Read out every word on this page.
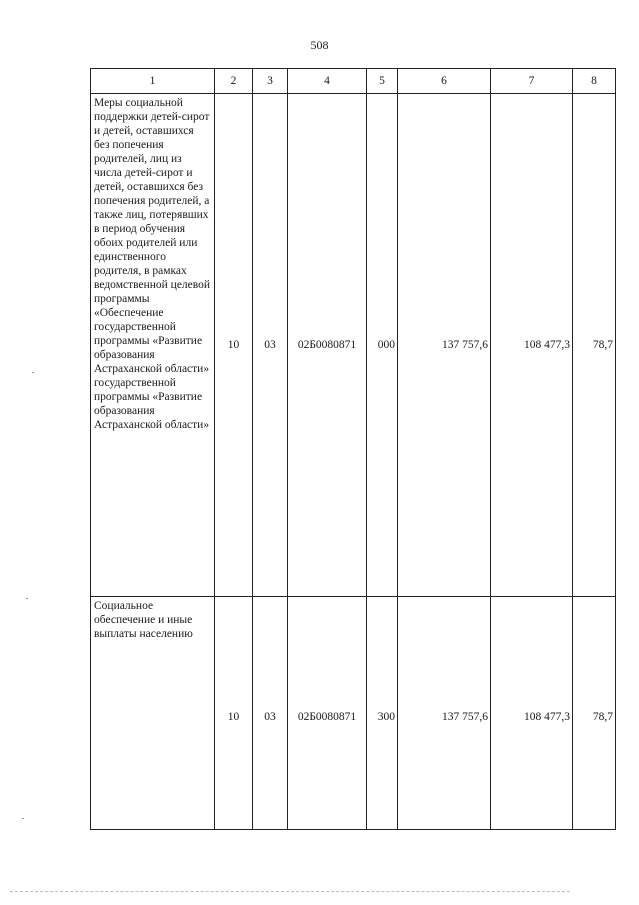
508
1	2	3	4	5	6	7	8

Меры социальной поддержки детей-сирот и детей, оставшихся без попечения родителей, лиц из числа детей-сирот и детей, оставшихся без попечения родителей, а также лиц, потерявших в период обучения обоих родителей или единственного родителя, в рамках ведомственной целевой программы «Обеспечение государственной программы «Развитие образования Астраханской области» государственной программы «Развитие образования Астраханской области»	10	03	02Б0080871	000	137 757,6	108 477,3	78,7

Социальное обеспечение и иные выплаты населению	10	03	02Б0080871	300	137 757,6	108 477,3	78,7
